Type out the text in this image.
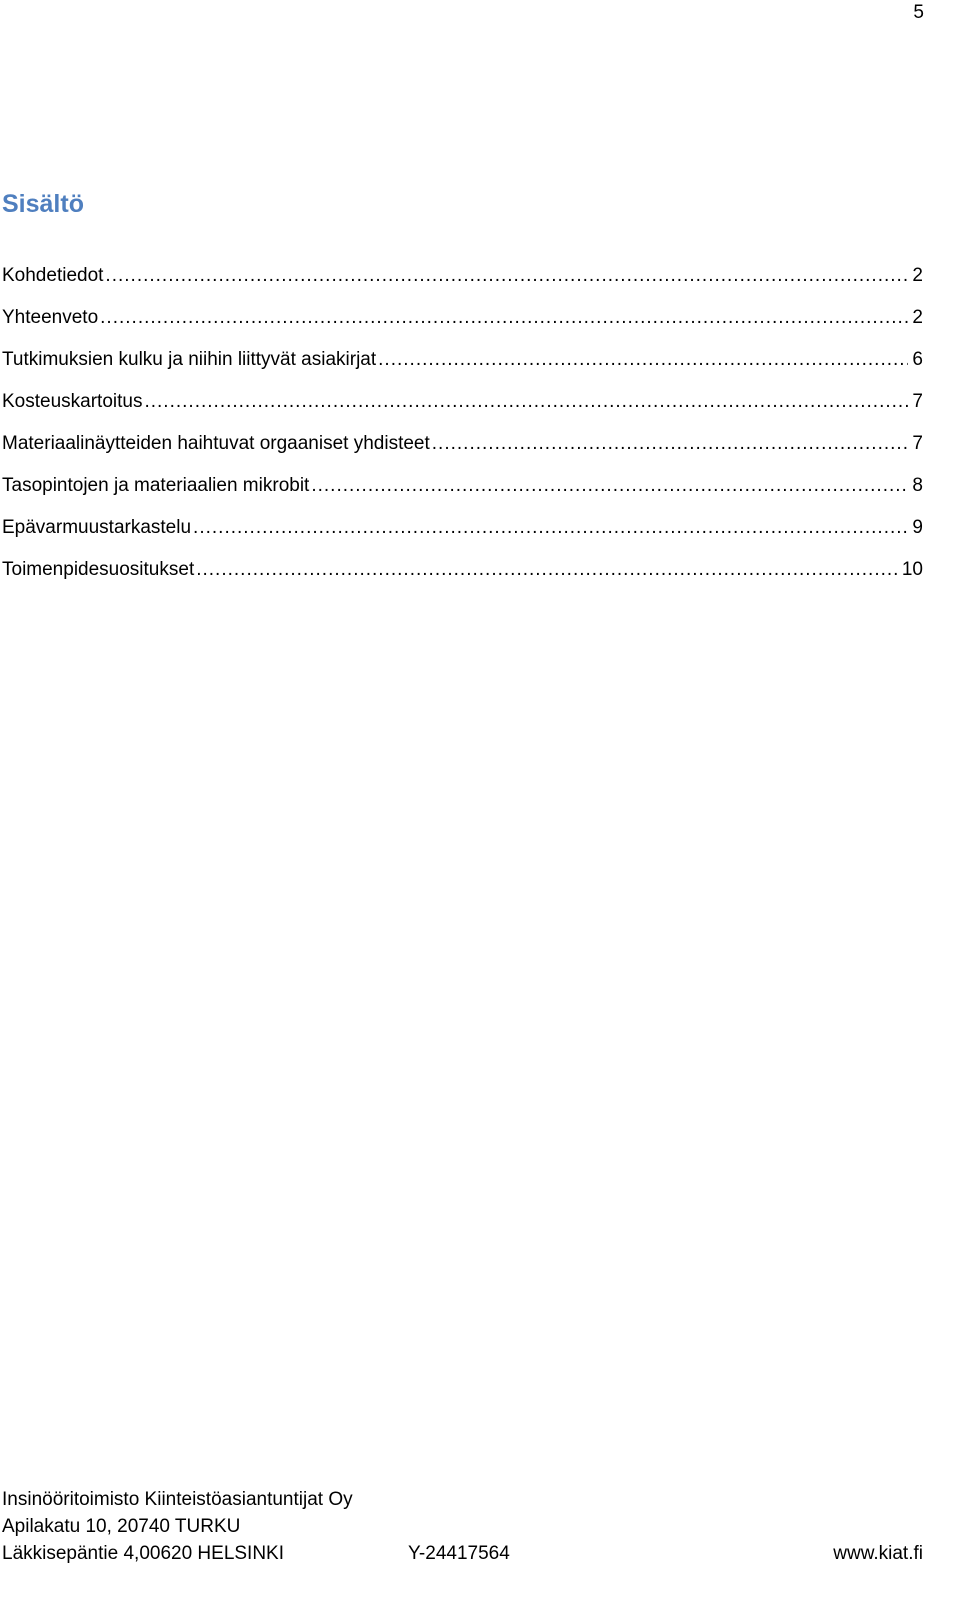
5
Sisältö
Kohdetiedot .....	2
Yhteenveto .....	2
Tutkimuksien kulku ja niihin liittyvät asiakirjat .....	6
Kosteuskartoitus .....	7
Materiaalinäytteiden haihtuvat orgaaniset yhdisteet .....	7
Tasopintojen ja materiaalien mikrobit .....	8
Epävarmuustarkastelu .....	9
Toimenpidesuositukset .....	10
Insinööritoimisto Kiinteistöasiantuntijat Oy
Apilakatu 10, 20740 TURKU
Läkkisepäntie 4,00620 HELSINKI	Y-24417564	www.kiat.fi
